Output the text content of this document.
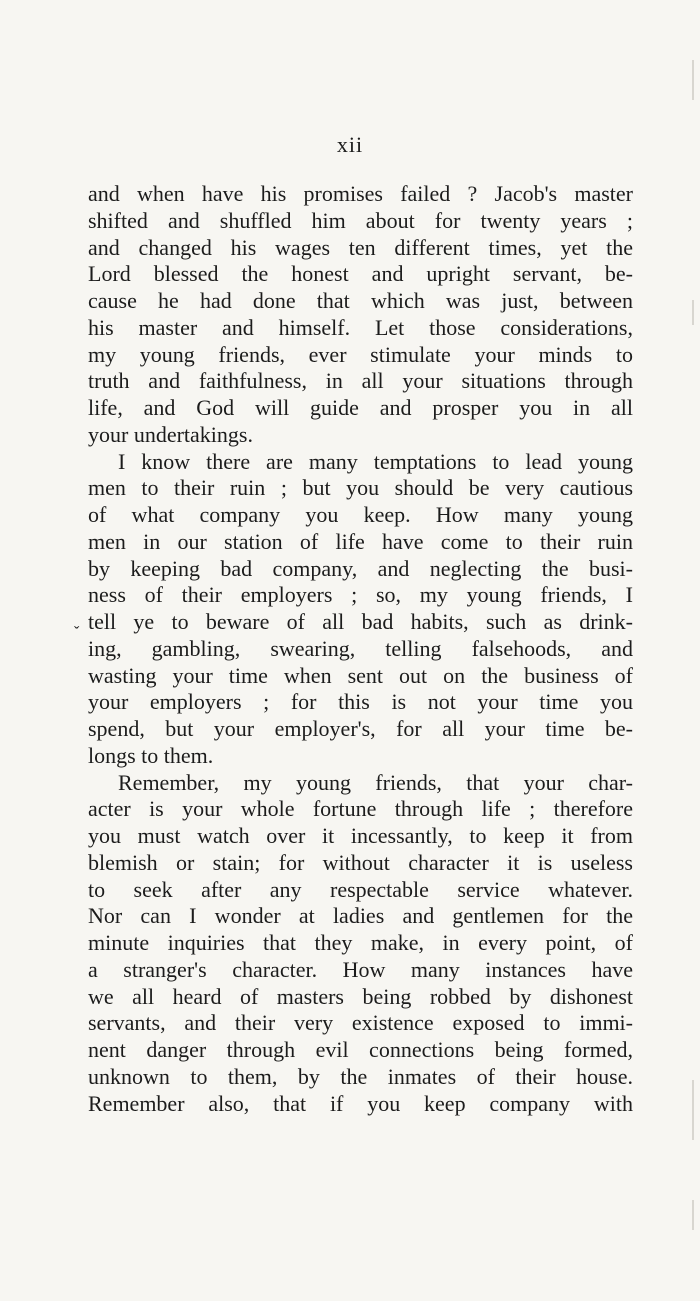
xii
ˬ
and when have his promises failed ? Jacob's master
shifted and shuffled him about for twenty years ;
and changed his wages ten different times, yet the
Lord blessed the honest and upright servant, be-
cause he had done that which was just, between
his master and himself. Let those considerations,
my young friends, ever stimulate your minds to
truth and faithfulness, in all your situations through
life, and God will guide and prosper you in all
your undertakings.
I know there are many temptations to lead young
men to their ruin ; but you should be very cautious
of what company you keep. How many young
men in our station of life have come to their ruin
by keeping bad company, and neglecting the busi-
ness of their employers ; so, my young friends, I
tell ye to beware of all bad habits, such as drink-
ing, gambling, swearing, telling falsehoods, and
wasting your time when sent out on the business of
your employers ; for this is not your time you
spend, but your employer's, for all your time be-
longs to them.
Remember, my young friends, that your char-
acter is your whole fortune through life ; therefore
you must watch over it incessantly, to keep it from
blemish or stain; for without character it is useless
to seek after any respectable service whatever.
Nor can I wonder at ladies and gentlemen for the
minute inquiries that they make, in every point, of
a stranger's character. How many instances have
we all heard of masters being robbed by dishonest
servants, and their very existence exposed to immi-
nent danger through evil connections being formed,
unknown to them, by the inmates of their house.
Remember also, that if you keep company with
